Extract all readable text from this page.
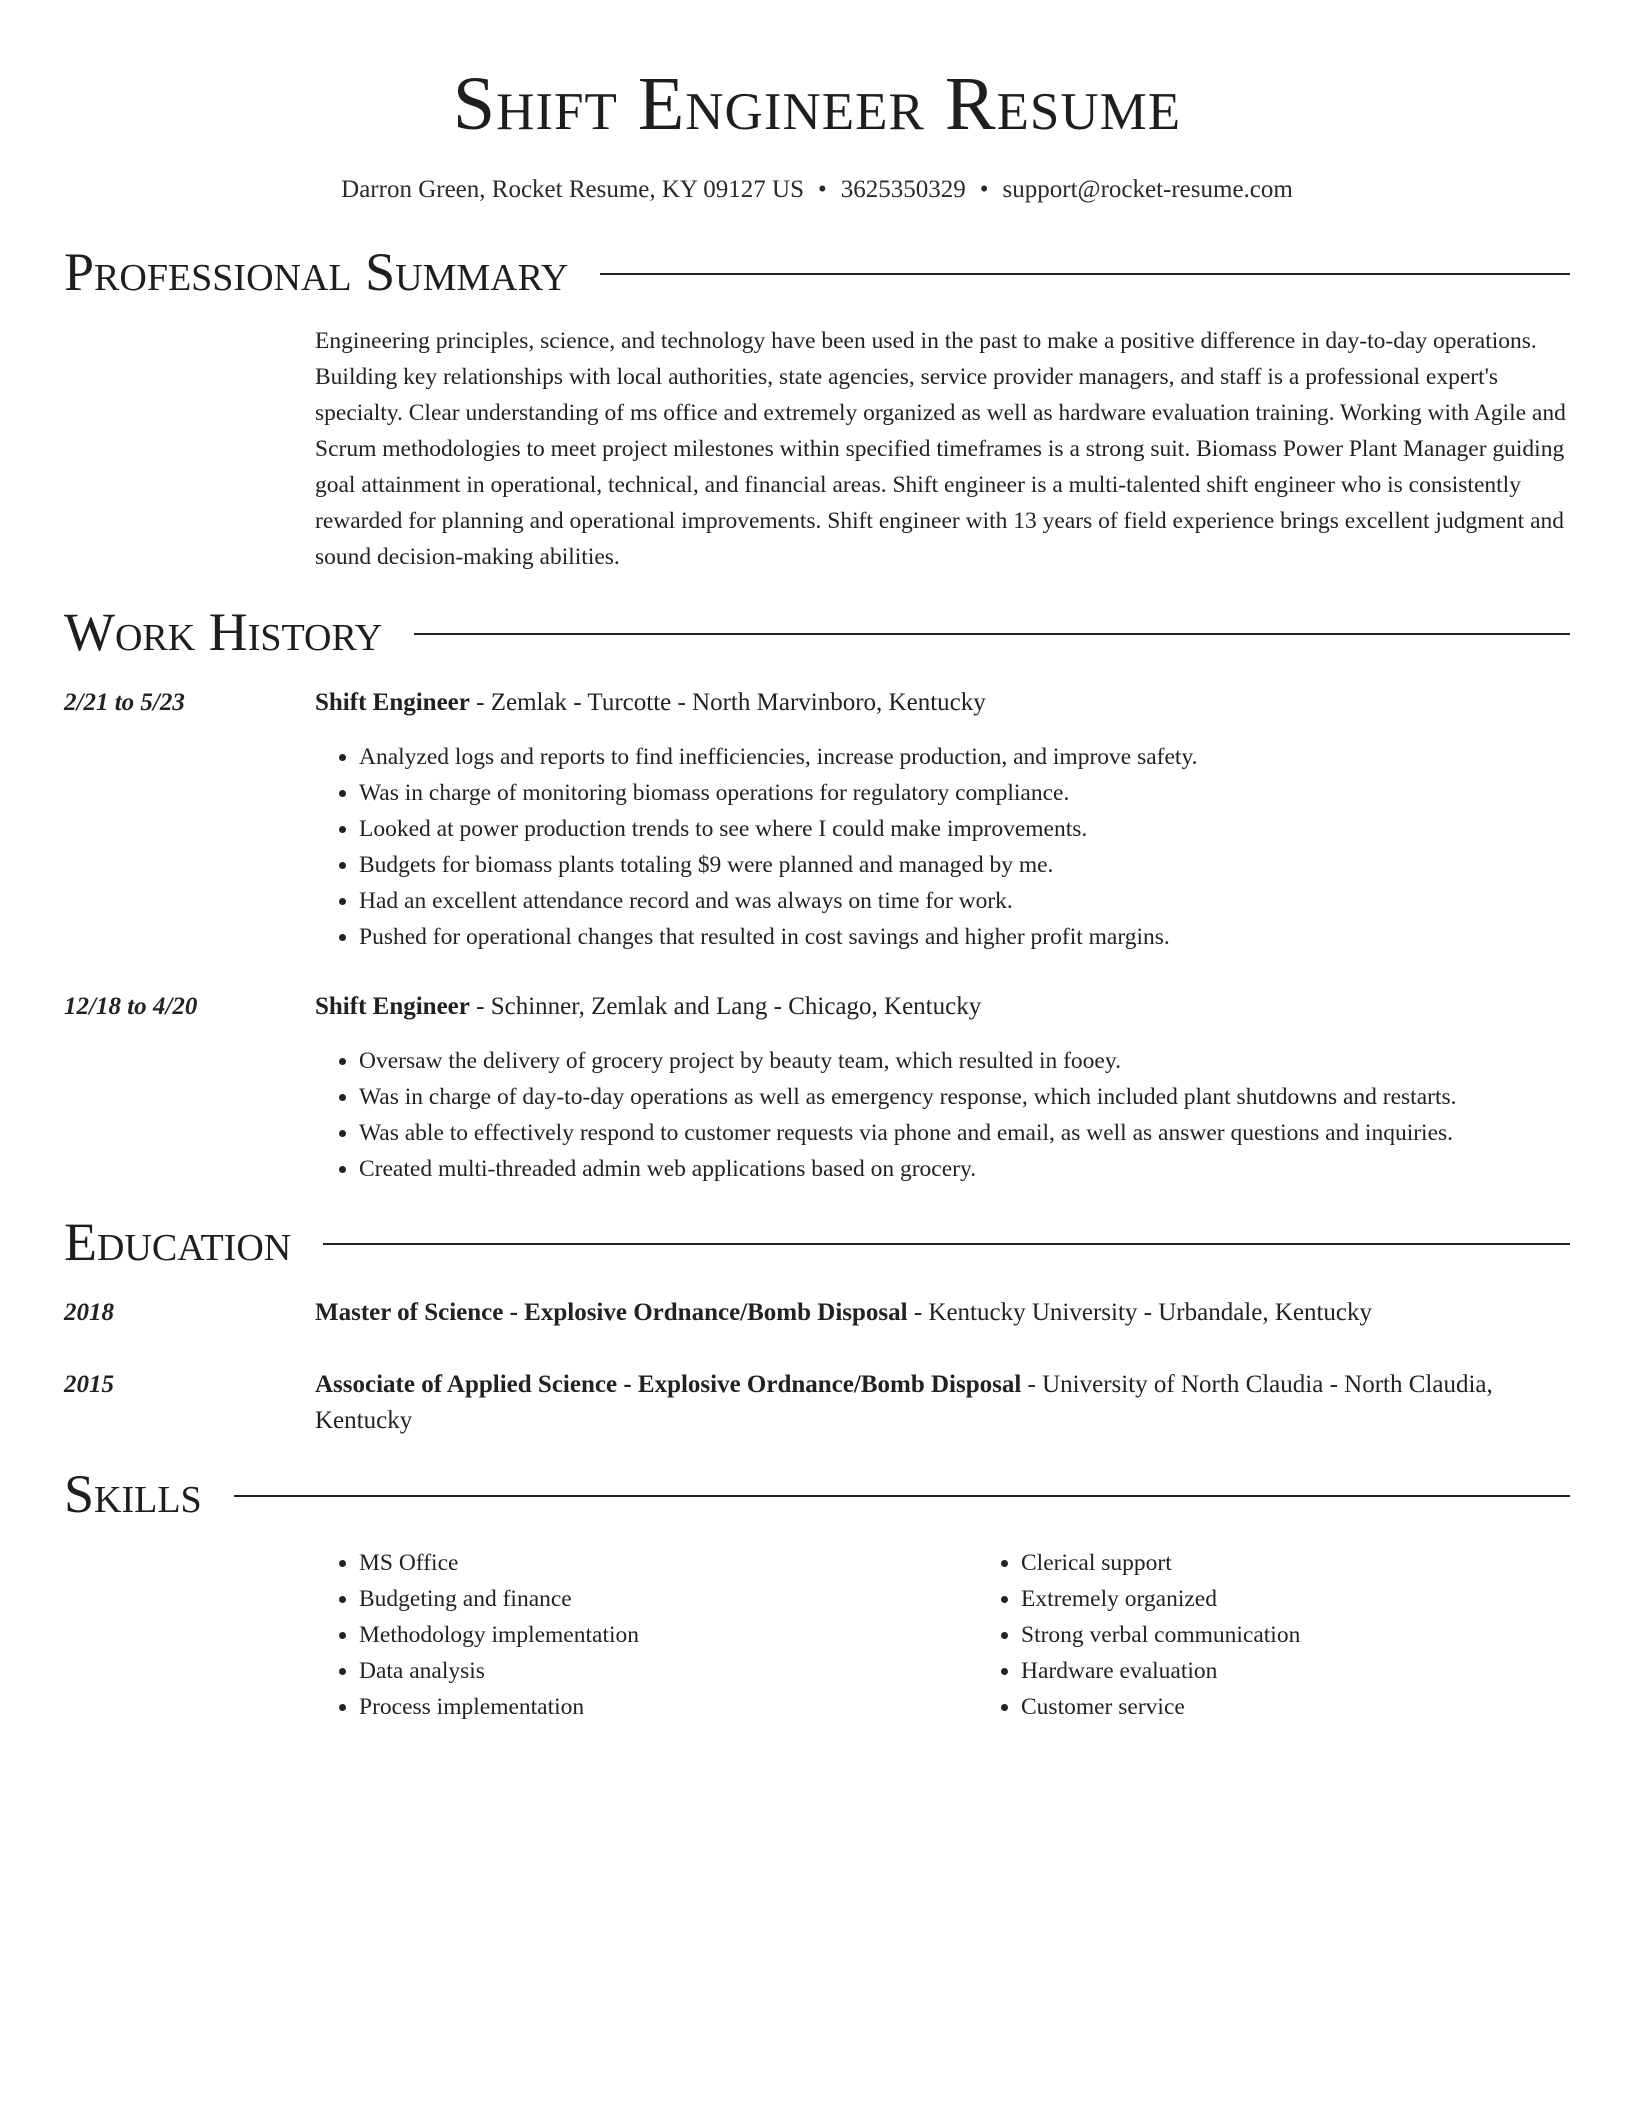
Shift Engineer Resume
Darron Green, Rocket Resume, KY 09127 US • 3625350329 • support@rocket-resume.com
Professional Summary
Engineering principles, science, and technology have been used in the past to make a positive difference in day-to-day operations. Building key relationships with local authorities, state agencies, service provider managers, and staff is a professional expert's specialty. Clear understanding of ms office and extremely organized as well as hardware evaluation training. Working with Agile and Scrum methodologies to meet project milestones within specified timeframes is a strong suit. Biomass Power Plant Manager guiding goal attainment in operational, technical, and financial areas. Shift engineer is a multi-talented shift engineer who is consistently rewarded for planning and operational improvements. Shift engineer with 13 years of field experience brings excellent judgment and sound decision-making abilities.
Work History
2/21 to 5/23	Shift Engineer - Zemlak - Turcotte - North Marvinboro, Kentucky
• Analyzed logs and reports to find inefficiencies, increase production, and improve safety.
• Was in charge of monitoring biomass operations for regulatory compliance.
• Looked at power production trends to see where I could make improvements.
• Budgets for biomass plants totaling $9 were planned and managed by me.
• Had an excellent attendance record and was always on time for work.
• Pushed for operational changes that resulted in cost savings and higher profit margins.
12/18 to 4/20	Shift Engineer - Schinner, Zemlak and Lang - Chicago, Kentucky
• Oversaw the delivery of grocery project by beauty team, which resulted in fooey.
• Was in charge of day-to-day operations as well as emergency response, which included plant shutdowns and restarts.
• Was able to effectively respond to customer requests via phone and email, as well as answer questions and inquiries.
• Created multi-threaded admin web applications based on grocery.
Education
2018	Master of Science - Explosive Ordnance/Bomb Disposal - Kentucky University - Urbandale, Kentucky
2015	Associate of Applied Science - Explosive Ordnance/Bomb Disposal - University of North Claudia - North Claudia, Kentucky
Skills
• MS Office
• Budgeting and finance
• Methodology implementation
• Data analysis
• Process implementation
• Clerical support
• Extremely organized
• Strong verbal communication
• Hardware evaluation
• Customer service
